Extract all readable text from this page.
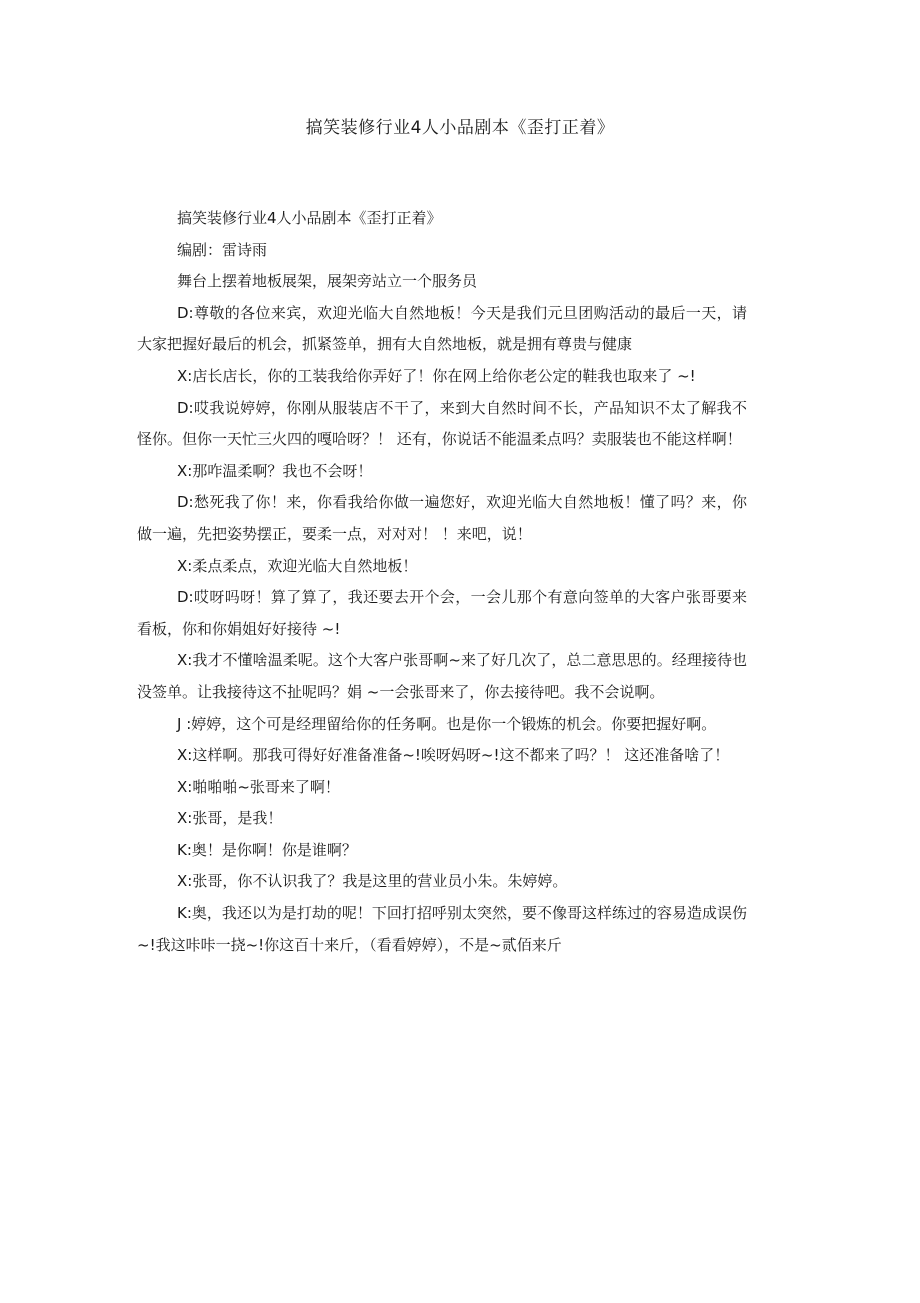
搞笑装修行业4人小品剧本《歪打正着》

搞笑装修行业4人小品剧本《歪打正着》

编剧：雷诗雨

舞台上摆着地板展架，展架旁站立一个服务员

D:尊敬的各位来宾，欢迎光临大自然地板！今天是我们元旦团购活动的最后一天，请大家把握好最后的机会，抓紧签单，拥有大自然地板，就是拥有尊贵与健康

X:店长店长，你的工装我给你弄好了！你在网上给你老公定的鞋我也取来了 ~!

D:哎我说婷婷，你刚从服装店不干了，来到大自然时间不长，产品知识不太了解我不怪你。但你一天忙三火四的嘎哈呀？！ 还有，你说话不能温柔点吗？卖服装也不能这样啊！

X:那咋温柔啊？我也不会呀！

D:愁死我了你！来，你看我给你做一遍您好，欢迎光临大自然地板！懂了吗？来，你做一遍，先把姿势摆正，要柔一点，对对对！ ！来吧，说！

X:柔点柔点，欢迎光临大自然地板！

D:哎呀吗呀！算了算了，我还要去开个会，一会儿那个有意向签单的大客户张哥要来看板，你和你娟姐好好接待 ~!

X:我才不懂啥温柔呢。这个大客户张哥啊~来了好几次了，总二意思思的。经理接待也没签单。让我接待这不扯呢吗？娟 ~一会张哥来了，你去接待吧。我不会说啊。

J :婷婷，这个可是经理留给你的任务啊。也是你一个锻炼的机会。你要把握好啊。

X:这样啊。那我可得好好准备准备~!唉呀妈呀~!这不都来了吗？！ 这还准备啥了！

X:啪啪啪~张哥来了啊！

X:张哥，是我！

K:奥！是你啊！你是谁啊？

X:张哥，你不认识我了？我是这里的营业员小朱。朱婷婷。

K:奥，我还以为是打劫的呢！下回打招呼别太突然，要不像哥这样练过的容易造成误伤~!我这咔咔一挠~!你这百十来斤，（看看婷婷），不是~贰佰来斤
